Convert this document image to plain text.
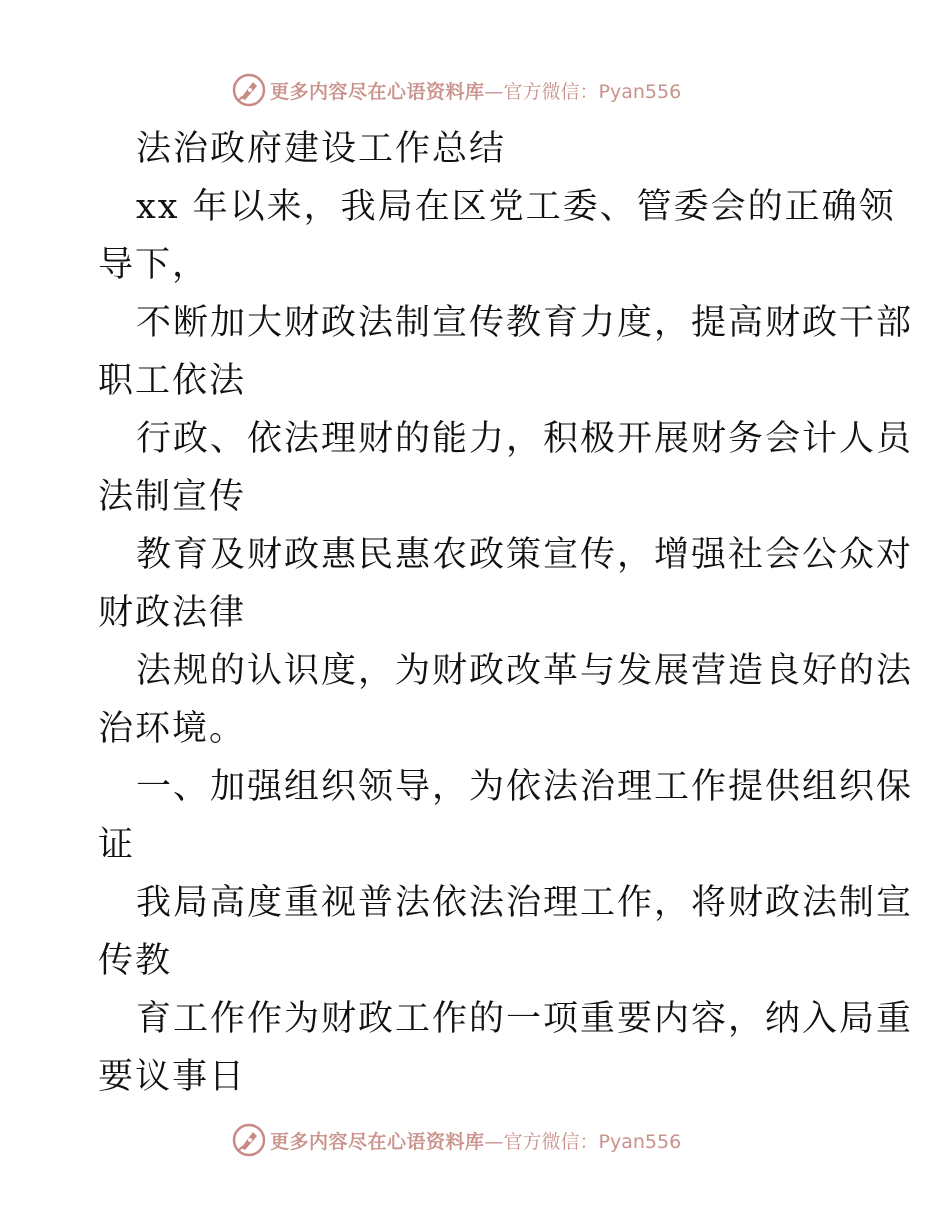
更多内容尽在心语资料库 —官方微信：Pyan556
法治政府建设工作总结
xx 年以来，我局在区党工委、管委会的正确领
导下，
不断加大财政法制宣传教育力度，提高财政干部
职工依法
行政、依法理财的能力，积极开展财务会计人员
法制宣传
教育及财政惠民惠农政策宣传，增强社会公众对
财政法律
法规的认识度，为财政改革与发展营造良好的法
治环境。
一、加强组织领导，为依法治理工作提供组织保
证
我局高度重视普法依法治理工作，将财政法制宣
传教
育工作作为财政工作的一项重要内容，纳入局重
要议事日
更多内容尽在心语资料库 —官方微信：Pyan556
